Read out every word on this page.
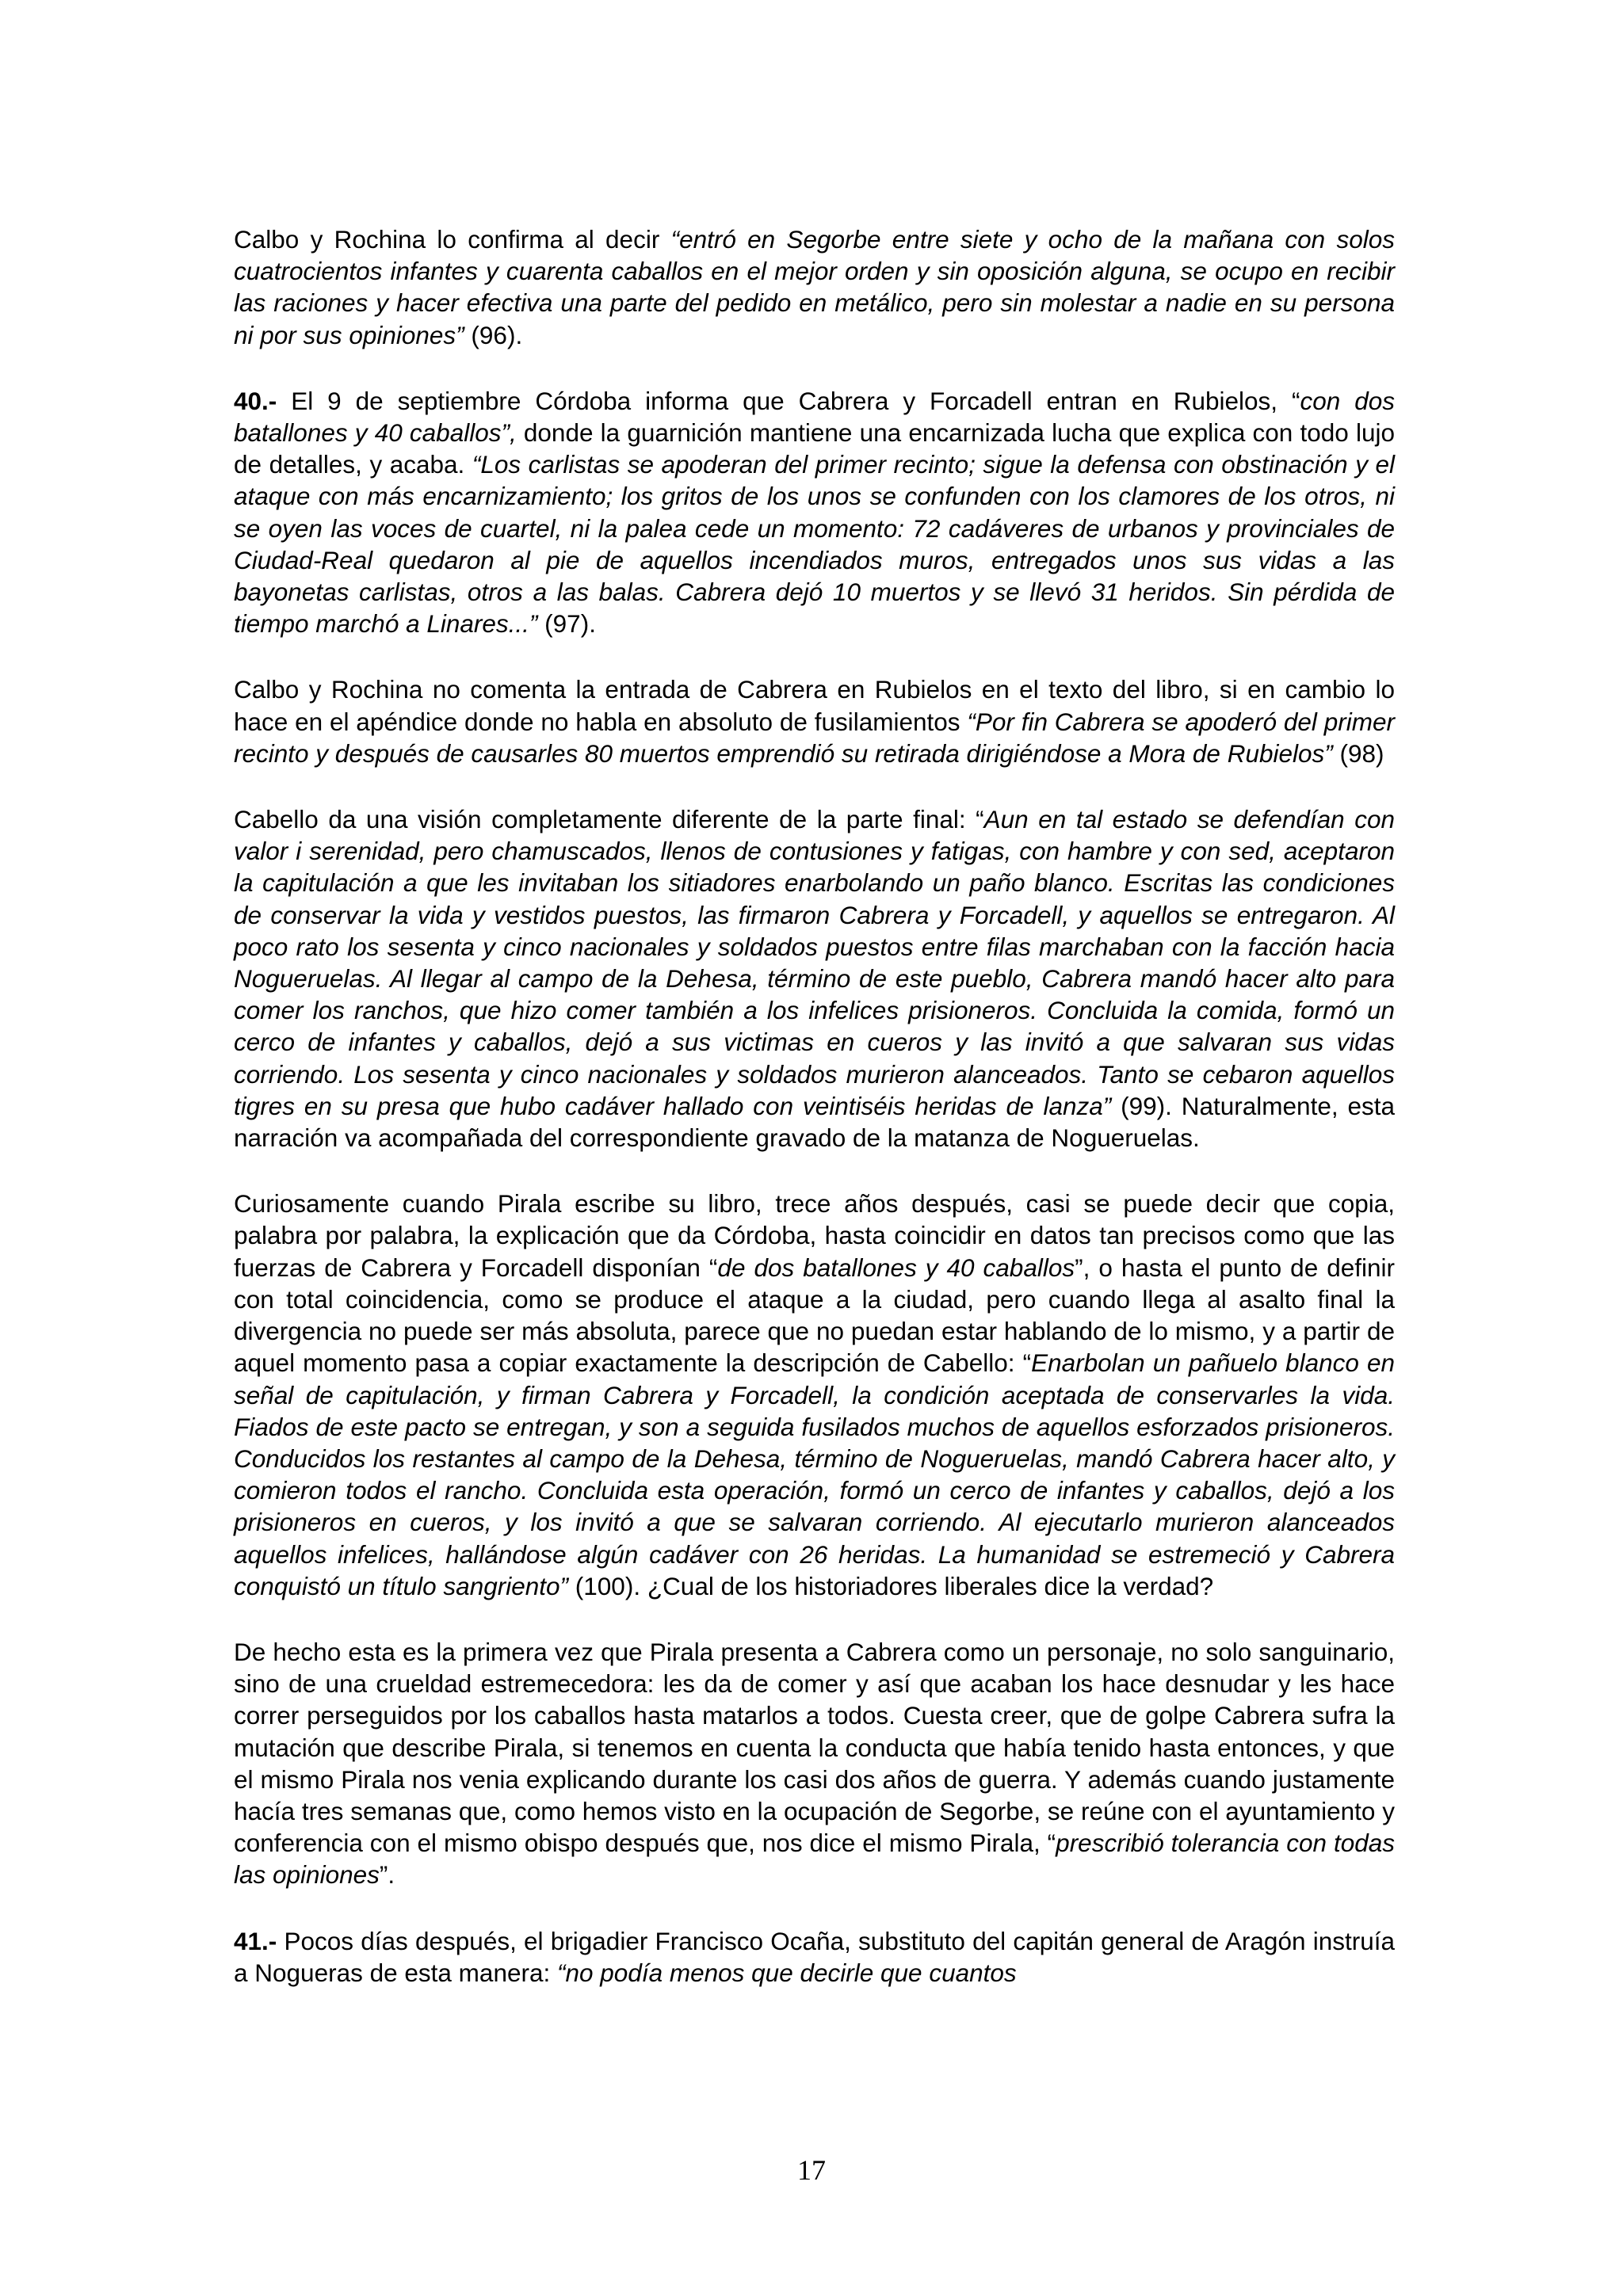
Calbo y Rochina lo confirma al decir “entró en Segorbe entre siete y ocho de la mañana con solos cuatrocientos infantes y cuarenta caballos en el mejor orden y sin oposición alguna, se ocupo en recibir las raciones y hacer efectiva una parte del pedido en metálico, pero sin molestar a nadie en su persona ni por sus opiniones” (96).

40.- El 9 de septiembre Córdoba informa que Cabrera y Forcadell entran en Rubielos, “con dos batallones y 40 caballos”, donde la guarnición mantiene una encarnizada lucha que explica con todo lujo de detalles, y acaba. “Los carlistas se apoderan del primer recinto; sigue la defensa con obstinación y el ataque con más encarnizamiento; los gritos de los unos se confunden con los clamores de los otros, ni se oyen las voces de cuartel, ni la palea cede un momento: 72 cadáveres de urbanos y provinciales de Ciudad-Real quedaron al pie de aquellos incendiados muros, entregados unos sus vidas a las bayonetas carlistas, otros a las balas. Cabrera dejó 10 muertos y se llevó 31 heridos. Sin pérdida de tiempo marchó a Linares...” (97).

Calbo y Rochina no comenta la entrada de Cabrera en Rubielos en el texto del libro, si en cambio lo hace en el apéndice donde no habla en absoluto de fusilamientos “Por fin Cabrera se apoderó del primer recinto y después de causarles 80 muertos emprendió su retirada dirigiéndose a Mora de Rubielos” (98)

Cabello da una visión completamente diferente de la parte final: “Aun en tal estado se defendían con valor i serenidad, pero chamuscados, llenos de contusiones y fatigas, con hambre y con sed, aceptaron la capitulación a que les invitaban los sitiadores enarbolando un paño blanco. Escritas las condiciones de conservar la vida y vestidos puestos, las firmaron Cabrera y Forcadell, y aquellos se entregaron. Al poco rato los sesenta y cinco nacionales y soldados puestos entre filas marchaban con la facción hacia Nogueruelas. Al llegar al campo de la Dehesa, término de este pueblo, Cabrera mandó hacer alto para comer los ranchos, que hizo comer también a los infelices prisioneros. Concluida la comida, formó un cerco de infantes y caballos, dejó a sus victimas en cueros y las invitó a que salvaran sus vidas corriendo. Los sesenta y cinco nacionales y soldados murieron alanceados. Tanto se cebaron aquellos tigres en su presa que hubo cadáver hallado con veintiséis heridas de lanza” (99). Naturalmente, esta narración va acompañada del correspondiente gravado de la matanza de Nogueruelas.

Curiosamente cuando Pirala escribe su libro, trece años después, casi se puede decir que copia, palabra por palabra, la explicación que da Córdoba, hasta coincidir en datos tan precisos como que las fuerzas de Cabrera y Forcadell disponían “de dos batallones y 40 caballos”, o hasta el punto de definir con total coincidencia, como se produce el ataque a la ciudad, pero cuando llega al asalto final la divergencia no puede ser más absoluta, parece que no puedan estar hablando de lo mismo, y a partir de aquel momento pasa a copiar exactamente la descripción de Cabello: “Enarbolan un pañuelo blanco en señal de capitulación, y firman Cabrera y Forcadell, la condición aceptada de conservarles la vida. Fiados de este pacto se entregan, y son a seguida fusilados muchos de aquellos esforzados prisioneros. Conducidos los restantes al campo de la Dehesa, término de Nogueruelas, mandó Cabrera hacer alto, y comieron todos el rancho. Concluida esta operación, formó un cerco de infantes y caballos, dejó a los prisioneros en cueros, y los invitó a que se salvaran corriendo. Al ejecutarlo murieron alanceados aquellos infelices, hallándose algún cadáver con 26 heridas. La humanidad se estremeció y Cabrera conquistó un título sangriento” (100). ¿Cual de los historiadores liberales dice la verdad?

De hecho esta es la primera vez que Pirala presenta a Cabrera como un personaje, no solo sanguinario, sino de una crueldad estremecedora: les da de comer y así que acaban los hace desnudar y les hace correr perseguidos por los caballos hasta matarlos a todos. Cuesta creer, que de golpe Cabrera sufra la mutación que describe Pirala, si tenemos en cuenta la conducta que había tenido hasta entonces, y que el mismo Pirala nos venia explicando durante los casi dos años de guerra. Y además cuando justamente hacía tres semanas que, como hemos visto en la ocupación de Segorbe, se reúne con el ayuntamiento y conferencia con el mismo obispo después que, nos dice el mismo Pirala, “prescribió tolerancia con todas las opiniones”.

41.- Pocos días después, el brigadier Francisco Ocaña, substituto del capitán general de Aragón instruía a Nogueras de esta manera: “no podía menos que decirle que cuantos

17
